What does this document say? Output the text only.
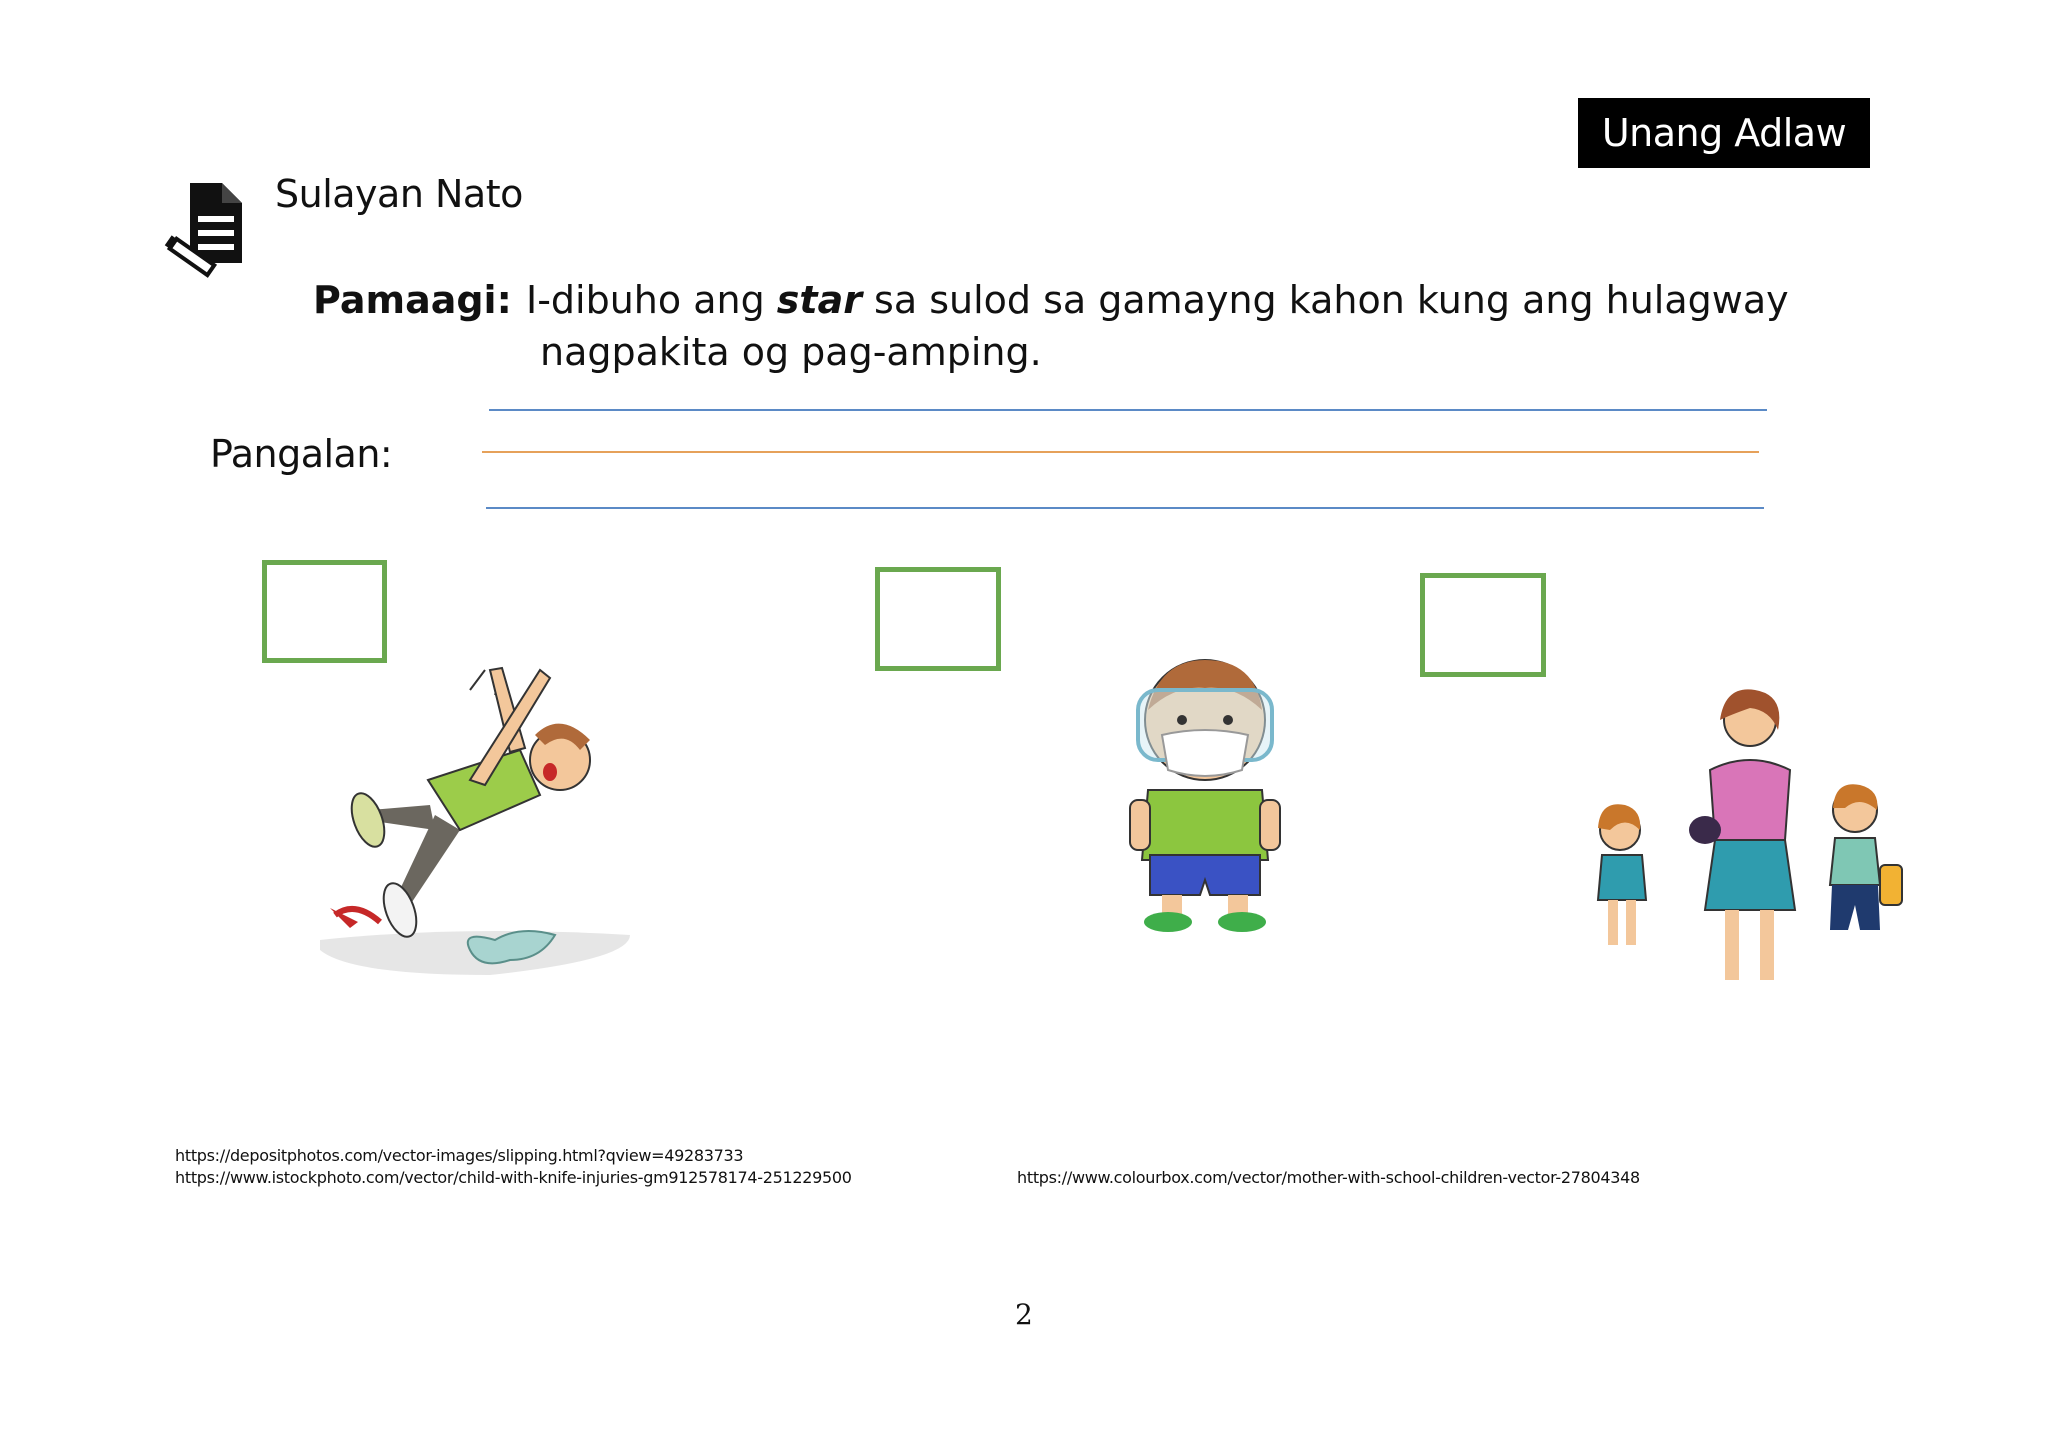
Unang Adlaw
Sulayan Nato
Pamaagi: I-dibuho ang star sa sulod sa gamayng kahon kung ang hulagway
nagpakita og pag-amping.
Pangalan:
https://depositphotos.com/vector-images/slipping.html?qview=49283733
https://www.istockphoto.com/vector/child-with-knife-injuries-gm912578174-251229500	https://www.colourbox.com/vector/mother-with-school-children-vector-27804348
2
